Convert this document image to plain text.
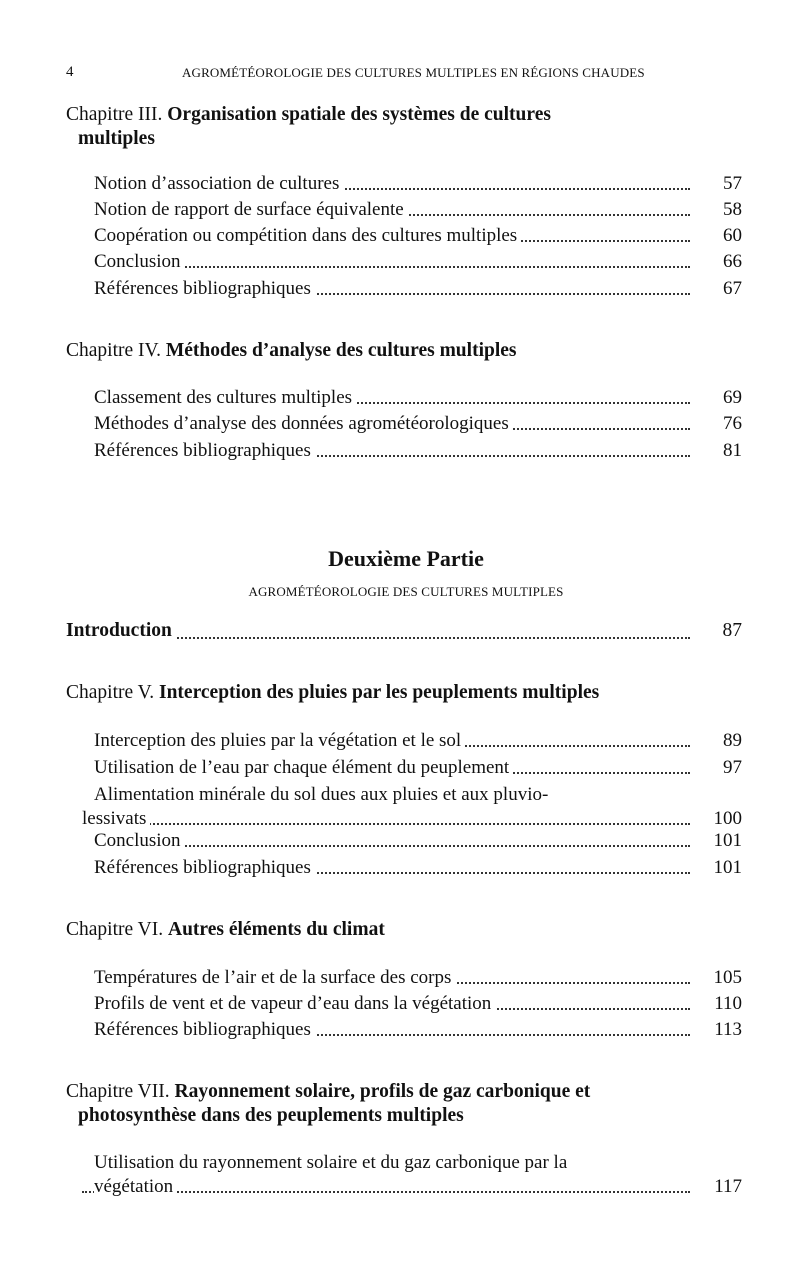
4	AGROMÉTÉOROLOGIE DES CULTURES MULTIPLES EN RÉGIONS CHAUDES
Chapitre III. Organisation spatiale des systèmes de cultures
multiples
Notion d’association de cultures	57
Notion de rapport de surface équivalente	58
Coopération ou compétition dans des cultures multiples	60
Conclusion	66
Références bibliographiques	67
Chapitre IV. Méthodes d’analyse des cultures multiples
Classement des cultures multiples	69
Méthodes d’analyse des données agrométéorologiques	76
Références bibliographiques	81
Deuxième Partie
AGROMÉTÉOROLOGIE DES CULTURES MULTIPLES
Introduction	87
Chapitre V. Interception des pluies par les peuplements multiples
Interception des pluies par la végétation et le sol	89
Utilisation de l’eau par chaque élément du peuplement	97
Alimentation minérale du sol dues aux pluies et aux pluvio-
lessivats	100
Conclusion	101
Références bibliographiques	101
Chapitre VI. Autres éléments du climat
Températures de l’air et de la surface des corps	105
Profils de vent et de vapeur d’eau dans la végétation	110
Références bibliographiques	113
Chapitre VII. Rayonnement solaire, profils de gaz carbonique et
photosynthèse dans des peuplements multiples
Utilisation du rayonnement solaire et du gaz carbonique par la
végétation	117
